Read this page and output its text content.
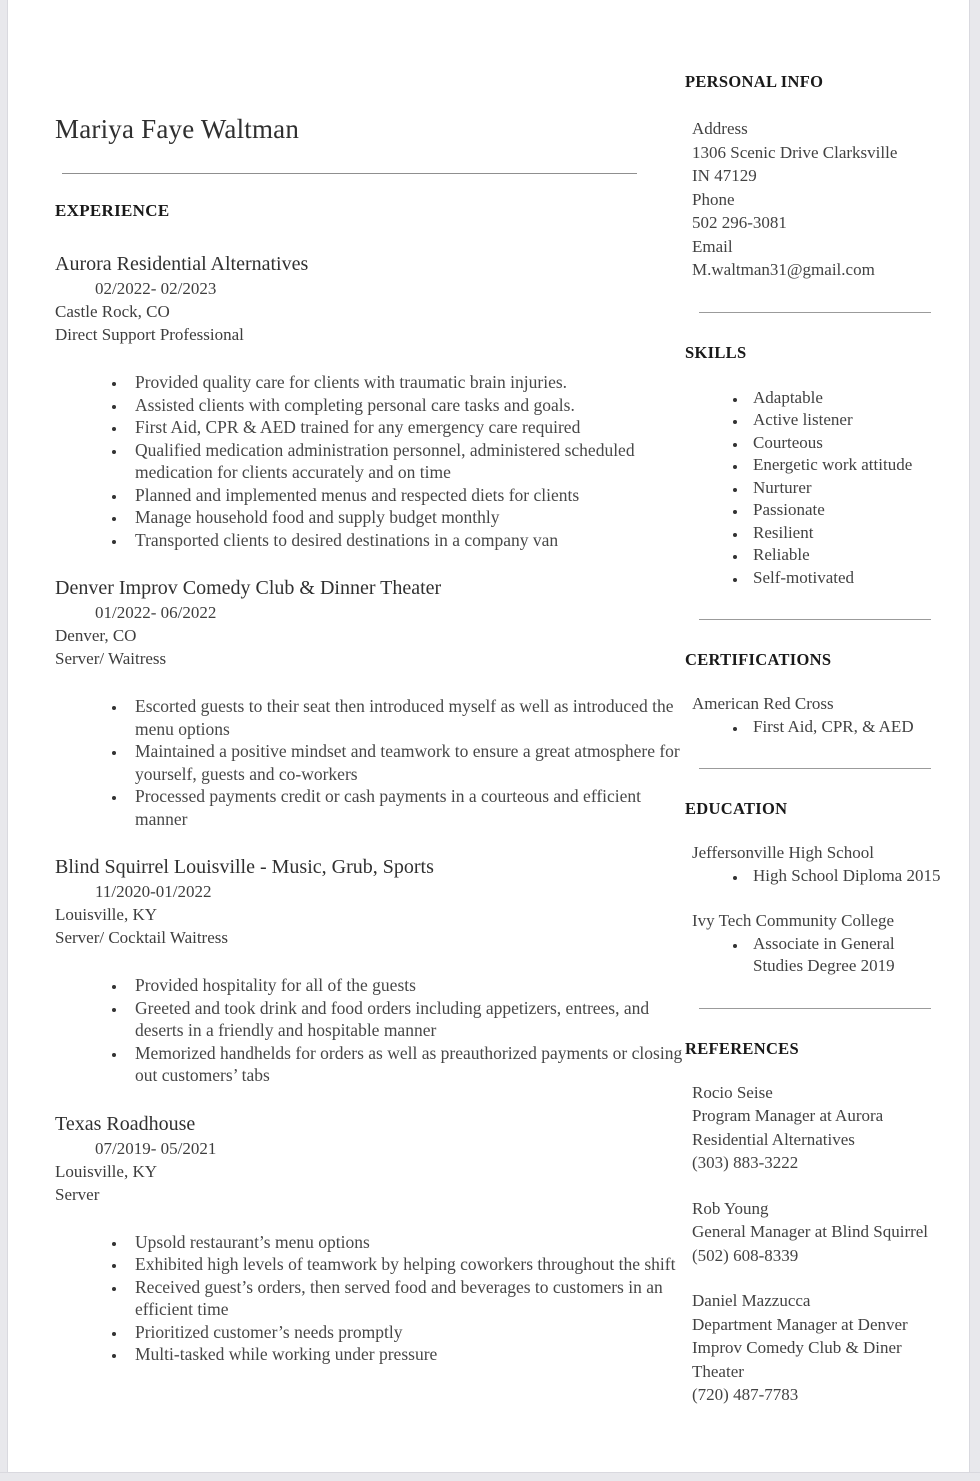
Mariya Faye Waltman
EXPERIENCE
Aurora Residential Alternatives
02/2022- 02/2023
Castle Rock, CO
Direct Support Professional
• Provided quality care for clients with traumatic brain injuries.
• Assisted clients with completing personal care tasks and goals.
• First Aid, CPR & AED trained for any emergency care required
• Qualified medication administration personnel, administered scheduled medication for clients accurately and on time
• Planned and implemented menus and respected diets for clients
• Manage household food and supply budget monthly
• Transported clients to desired destinations in a company van
Denver Improv Comedy Club & Dinner Theater
01/2022- 06/2022
Denver, CO
Server/ Waitress
• Escorted guests to their seat then introduced myself as well as introduced the menu options
• Maintained a positive mindset and teamwork to ensure a great atmosphere for yourself, guests and co-workers
• Processed payments credit or cash payments in a courteous and efficient manner
Blind Squirrel Louisville - Music, Grub, Sports
11/2020-01/2022
Louisville, KY
Server/ Cocktail Waitress
• Provided hospitality for all of the guests
• Greeted and took drink and food orders including appetizers, entrees, and deserts in a friendly and hospitable manner
• Memorized handhelds for orders as well as preauthorized payments or closing out customers’ tabs
Texas Roadhouse
07/2019- 05/2021
Louisville, KY
Server
• Upsold restaurant’s menu options
• Exhibited high levels of teamwork by helping coworkers throughout the shift
• Received guest’s orders, then served food and beverages to customers in an efficient time
• Prioritized customer’s needs promptly
• Multi-tasked while working under pressure
PERSONAL INFO
Address
1306 Scenic Drive Clarksville
IN 47129
Phone
502 296-3081
Email
M.waltman31@gmail.com
SKILLS
• Adaptable
• Active listener
• Courteous
• Energetic work attitude
• Nurturer
• Passionate
• Resilient
• Reliable
• Self-motivated
CERTIFICATIONS
American Red Cross
• First Aid, CPR, & AED
EDUCATION
Jeffersonville High School
• High School Diploma 2015
Ivy Tech Community College
• Associate in General Studies Degree 2019
REFERENCES
Rocio Seise
Program Manager at Aurora Residential Alternatives
(303) 883-3222
Rob Young
General Manager at Blind Squirrel
(502) 608-8339
Daniel Mazzucca
Department Manager at Denver Improv Comedy Club & Diner Theater
(720) 487-7783
